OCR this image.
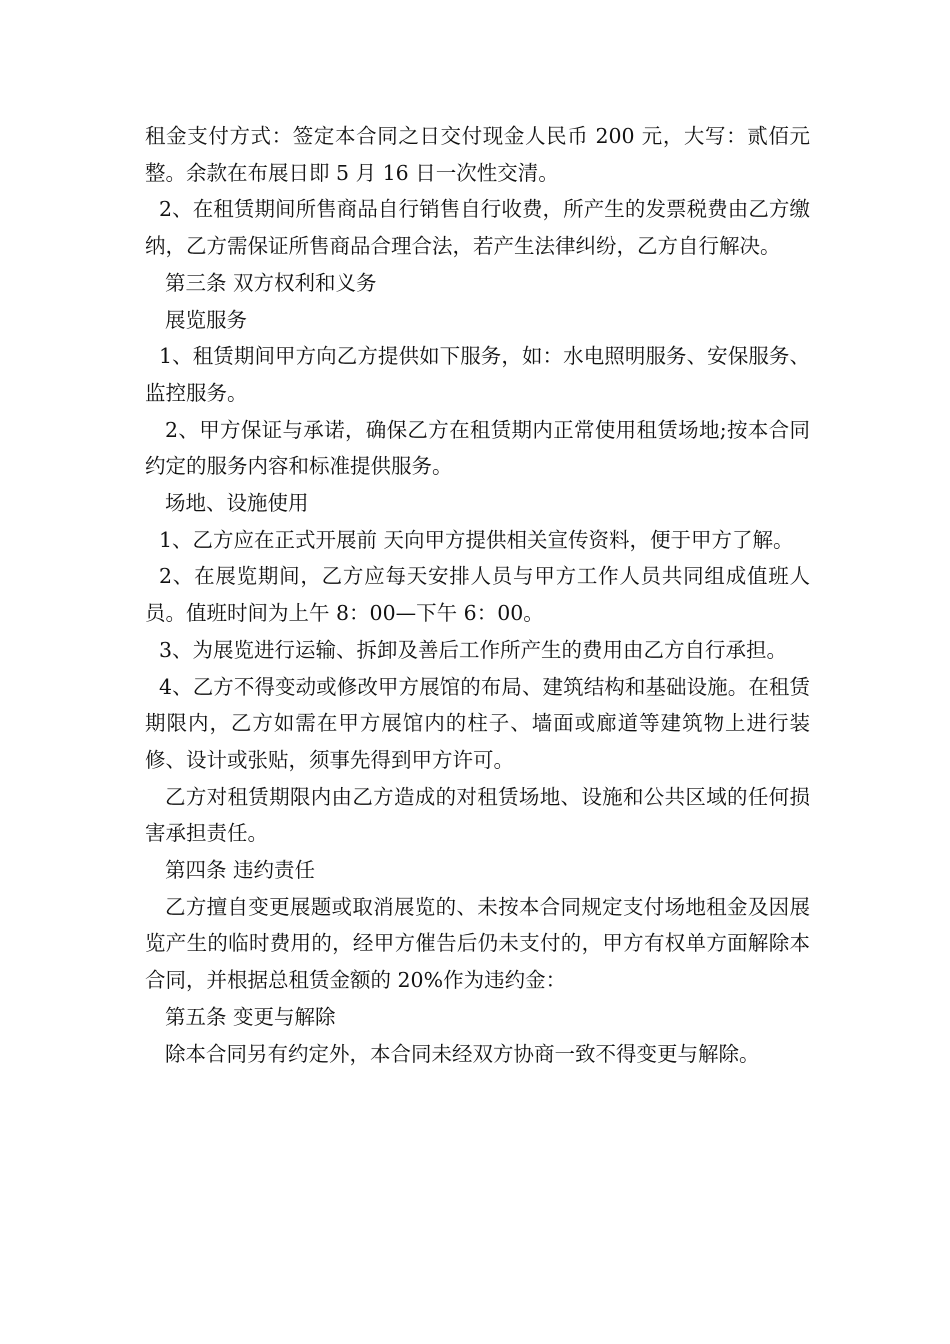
租金支付方式：签定本合同之日交付现金人民币 200 元，大写：贰佰元整。余款在布展日即 5 月 16 日一次性交清。

2、在租赁期间所售商品自行销售自行收费，所产生的发票税费由乙方缴纳，乙方需保证所售商品合理合法，若产生法律纠纷，乙方自行解决。

第三条 双方权利和义务

展览服务

1、租赁期间甲方向乙方提供如下服务，如：水电照明服务、安保服务、监控服务。

2、甲方保证与承诺，确保乙方在租赁期内正常使用租赁场地;按本合同约定的服务内容和标准提供服务。

场地、设施使用

1、乙方应在正式开展前 天向甲方提供相关宣传资料，便于甲方了解。

2、在展览期间，乙方应每天安排人员与甲方工作人员共同组成值班人员。值班时间为上午 8：00—下午 6：00。

3、为展览进行运输、拆卸及善后工作所产生的费用由乙方自行承担。

4、乙方不得变动或修改甲方展馆的布局、建筑结构和基础设施。在租赁期限内，乙方如需在甲方展馆内的柱子、墙面或廊道等建筑物上进行装修、设计或张贴，须事先得到甲方许可。

乙方对租赁期限内由乙方造成的对租赁场地、设施和公共区域的任何损害承担责任。

第四条 违约责任

乙方擅自变更展题或取消展览的、未按本合同规定支付场地租金及因展览产生的临时费用的，经甲方催告后仍未支付的，甲方有权单方面解除本合同，并根据总租赁金额的 20%作为违约金：

第五条 变更与解除

除本合同另有约定外，本合同未经双方协商一致不得变更与解除。
